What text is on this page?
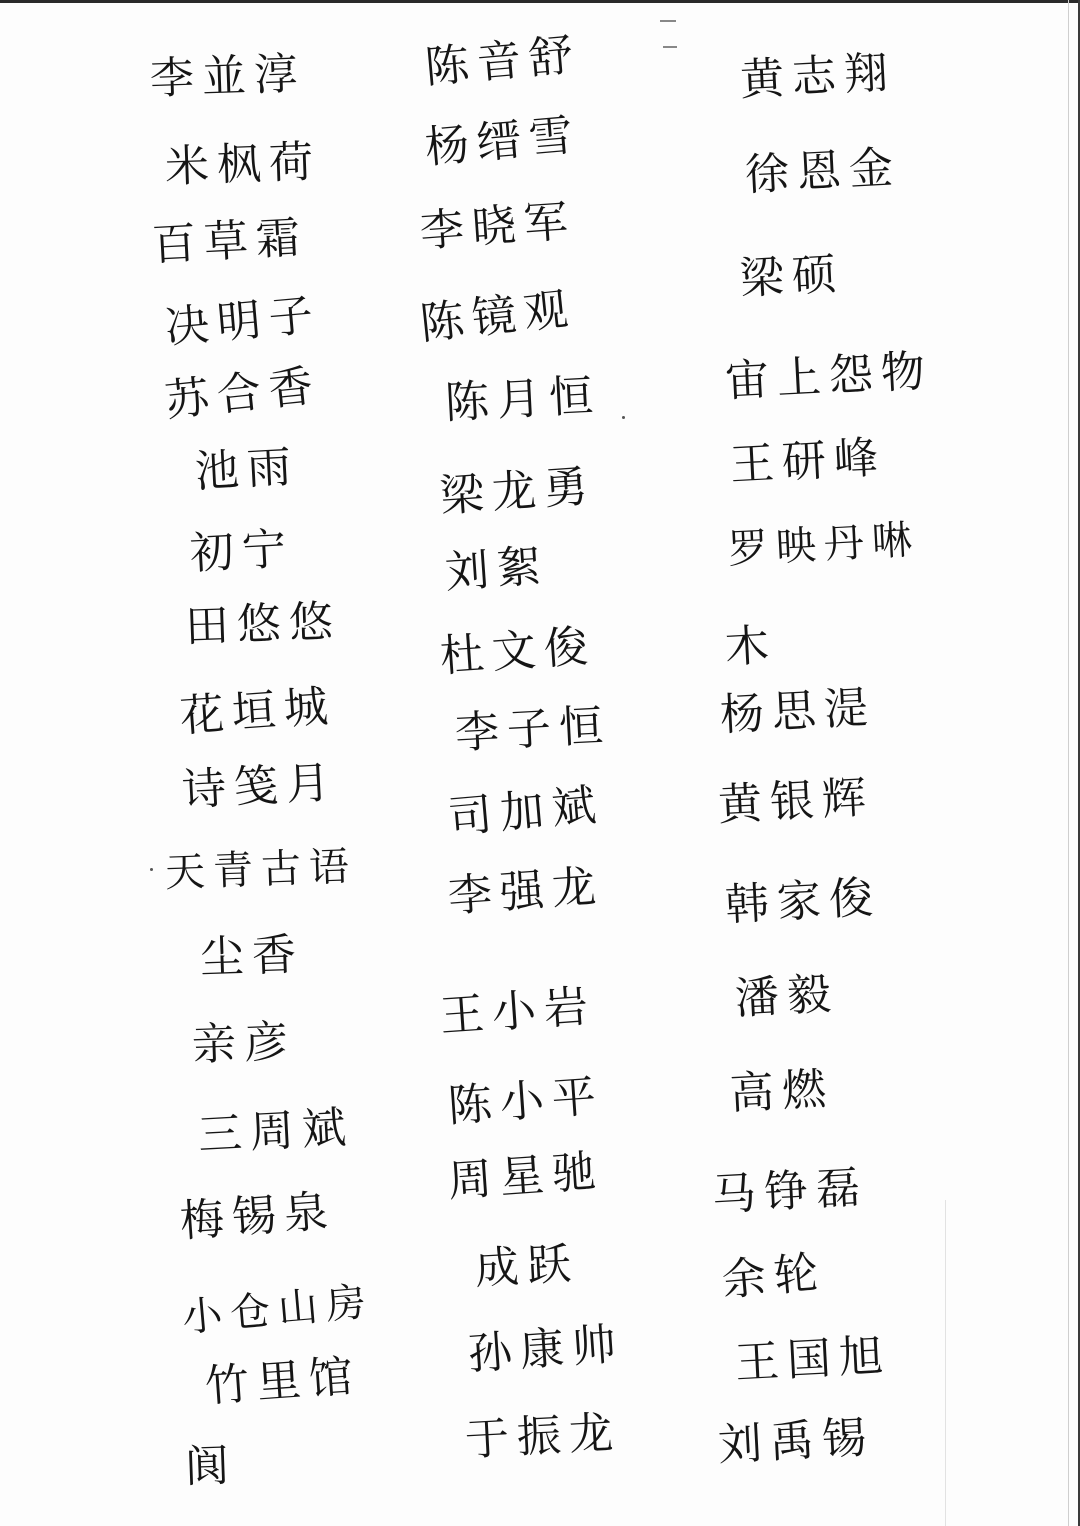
李並淳
米枫荷
百草霜
决明子
苏合香
池雨
初宁
田悠悠
花垣城
诗笺月
天青古语
尘香
亲彦
三周斌
梅锡泉
小仓山房
竹里馆
阆
陈音舒
杨缙雪
李晓军
陈镜观
陈月恒
梁龙勇
刘絮
杜文俊
李子恒
司加斌
李强龙
王小岩
陈小平
周星驰
成跃
孙康帅
于振龙
黄志翔
徐恩金
梁硕
宙上怨物
王研峰
罗映丹啉
木
杨思湜
黄银辉
韩家俊
潘毅
高燃
马铮磊
余轮
王国旭
刘禹锡
